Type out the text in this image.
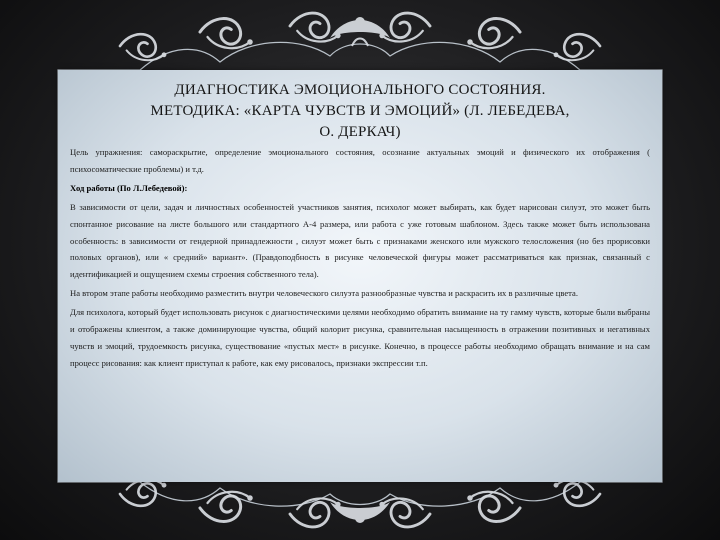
ДИАГНОСТИКА ЭМОЦИОНАЛЬНОГО СОСТОЯНИЯ.
МЕТОДИКА: «КАРТА ЧУВСТВ И ЭМОЦИЙ» (Л. ЛЕБЕДЕВА,
О. ДЕРКАЧ)

Цель упражнения: самораскрытие, определение эмоционального состояния, осознание актуальных эмоций и физического их отображения ( психосоматические проблемы) и т.д.

Ход работы (По Л.Лебедевой):

В зависимости от цели, задач и личностных особенностей участников занятия, психолог может выбирать, как будет нарисован силуэт, это может быть спонтанное рисование на листе большого или стандартного А-4 размера, или работа с уже готовым шаблоном. Здесь также может быть использована особенность: в зависимости от гендерной принадлежности , силуэт может быть с признаками женского или мужского телосложения (но без прорисовки половых органов), или « средний» вариант». (Правдоподбность в рисунке человеческой фигуры может рассматриваться как признак, связанный с идентификацией и ощущением схемы строения собственного тела).

На втором этапе работы необходимо разместить внутри человеческого силуэта разнообразные чувства и раскрасить их в различные цвета.

Для психолога, который будет использовать рисунок с диагностическими целями необходимо обратить внимание на ту гамму чувств, которые были выбраны и отображены клиентом, а также доминирующие чувства, общий колорит рисунка, сравнительная насыщенность в отражении позитивных и негативных чувств и эмоций, трудоемкость рисунка, существование «пустых мест» в рисунке. Конечно, в процессе работы необходимо обращать внимание и на сам процесс рисования: как клиент приступал к работе, как ему рисовалось, признаки экспрессии т.п.
